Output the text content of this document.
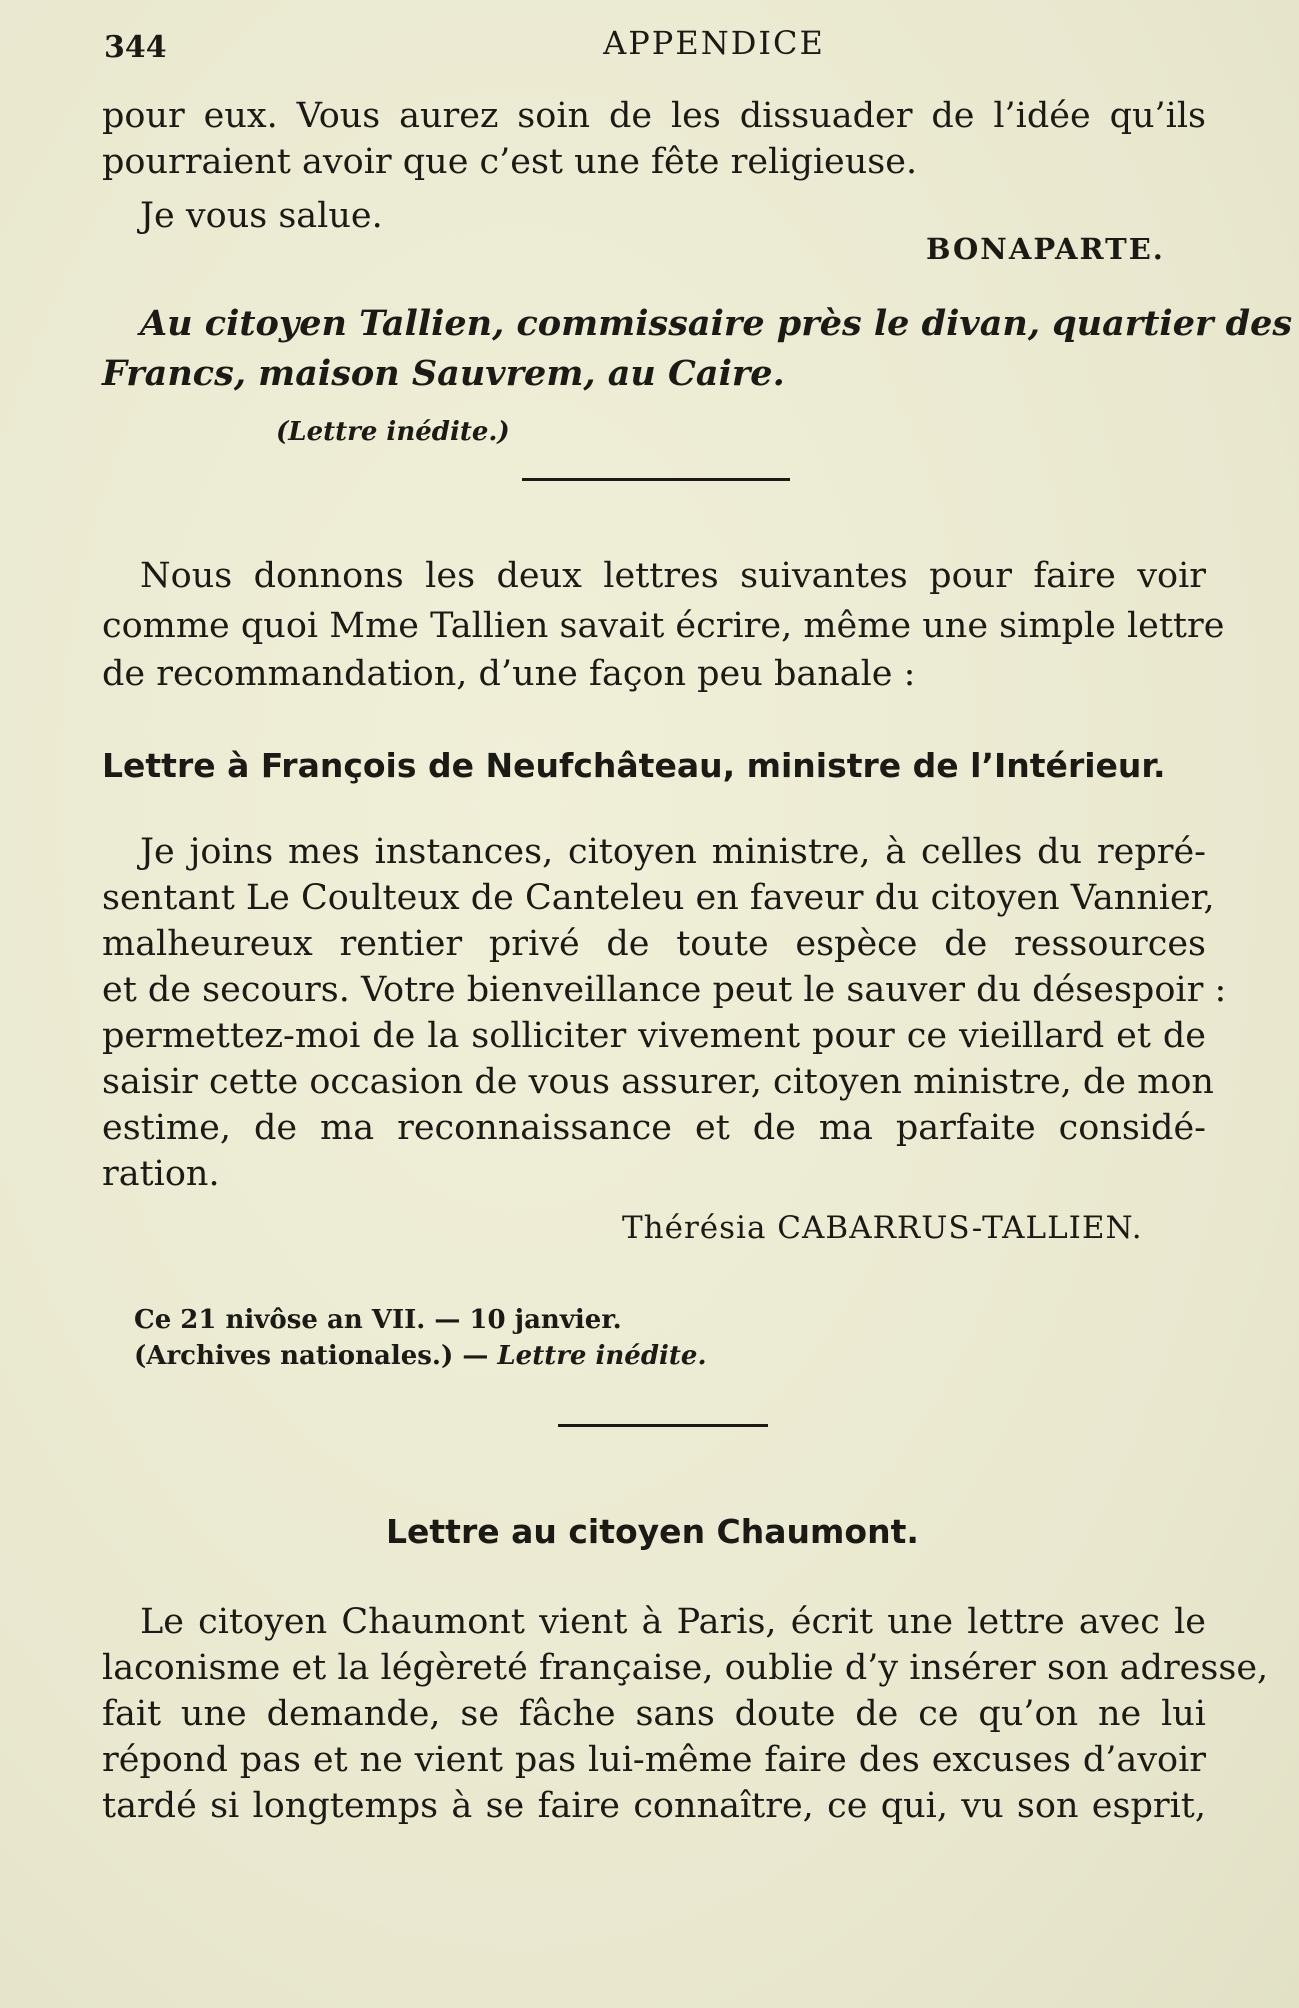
344	APPENDICE
pour eux. Vous aurez soin de les dissuader de l’idée qu’ils
pourraient avoir que c’est une fête religieuse.
Je vous salue.
BONAPARTE.
Au citoyen Tallien, commissaire près le divan, quartier des
Francs, maison Sauvrem, au Caire.
(Lettre inédite.)
Nous donnons les deux lettres suivantes pour faire voir
comme quoi Mme Tallien savait écrire, même une simple lettre
de recommandation, d’une façon peu banale :
Lettre à François de Neufchâteau, ministre de l’Intérieur.
Je joins mes instances, citoyen ministre, à celles du repré-
sentant Le Coulteux de Canteleu en faveur du citoyen Vannier,
malheureux rentier privé de toute espèce de ressources
et de secours. Votre bienveillance peut le sauver du désespoir :
permettez-moi de la solliciter vivement pour ce vieillard et de
saisir cette occasion de vous assurer, citoyen ministre, de mon
estime, de ma reconnaissance et de ma parfaite considé-
ration.
Thérésia CABARRUS-TALLIEN.
Ce 21 nivôse an VII. — 10 janvier.
(Archives nationales.) — Lettre inédite.
Lettre au citoyen Chaumont.
Le citoyen Chaumont vient à Paris, écrit une lettre avec le
laconisme et la légèreté française, oublie d’y insérer son adresse,
fait une demande, se fâche sans doute de ce qu’on ne lui
répond pas et ne vient pas lui-même faire des excuses d’avoir
tardé si longtemps à se faire connaître, ce qui, vu son esprit,
